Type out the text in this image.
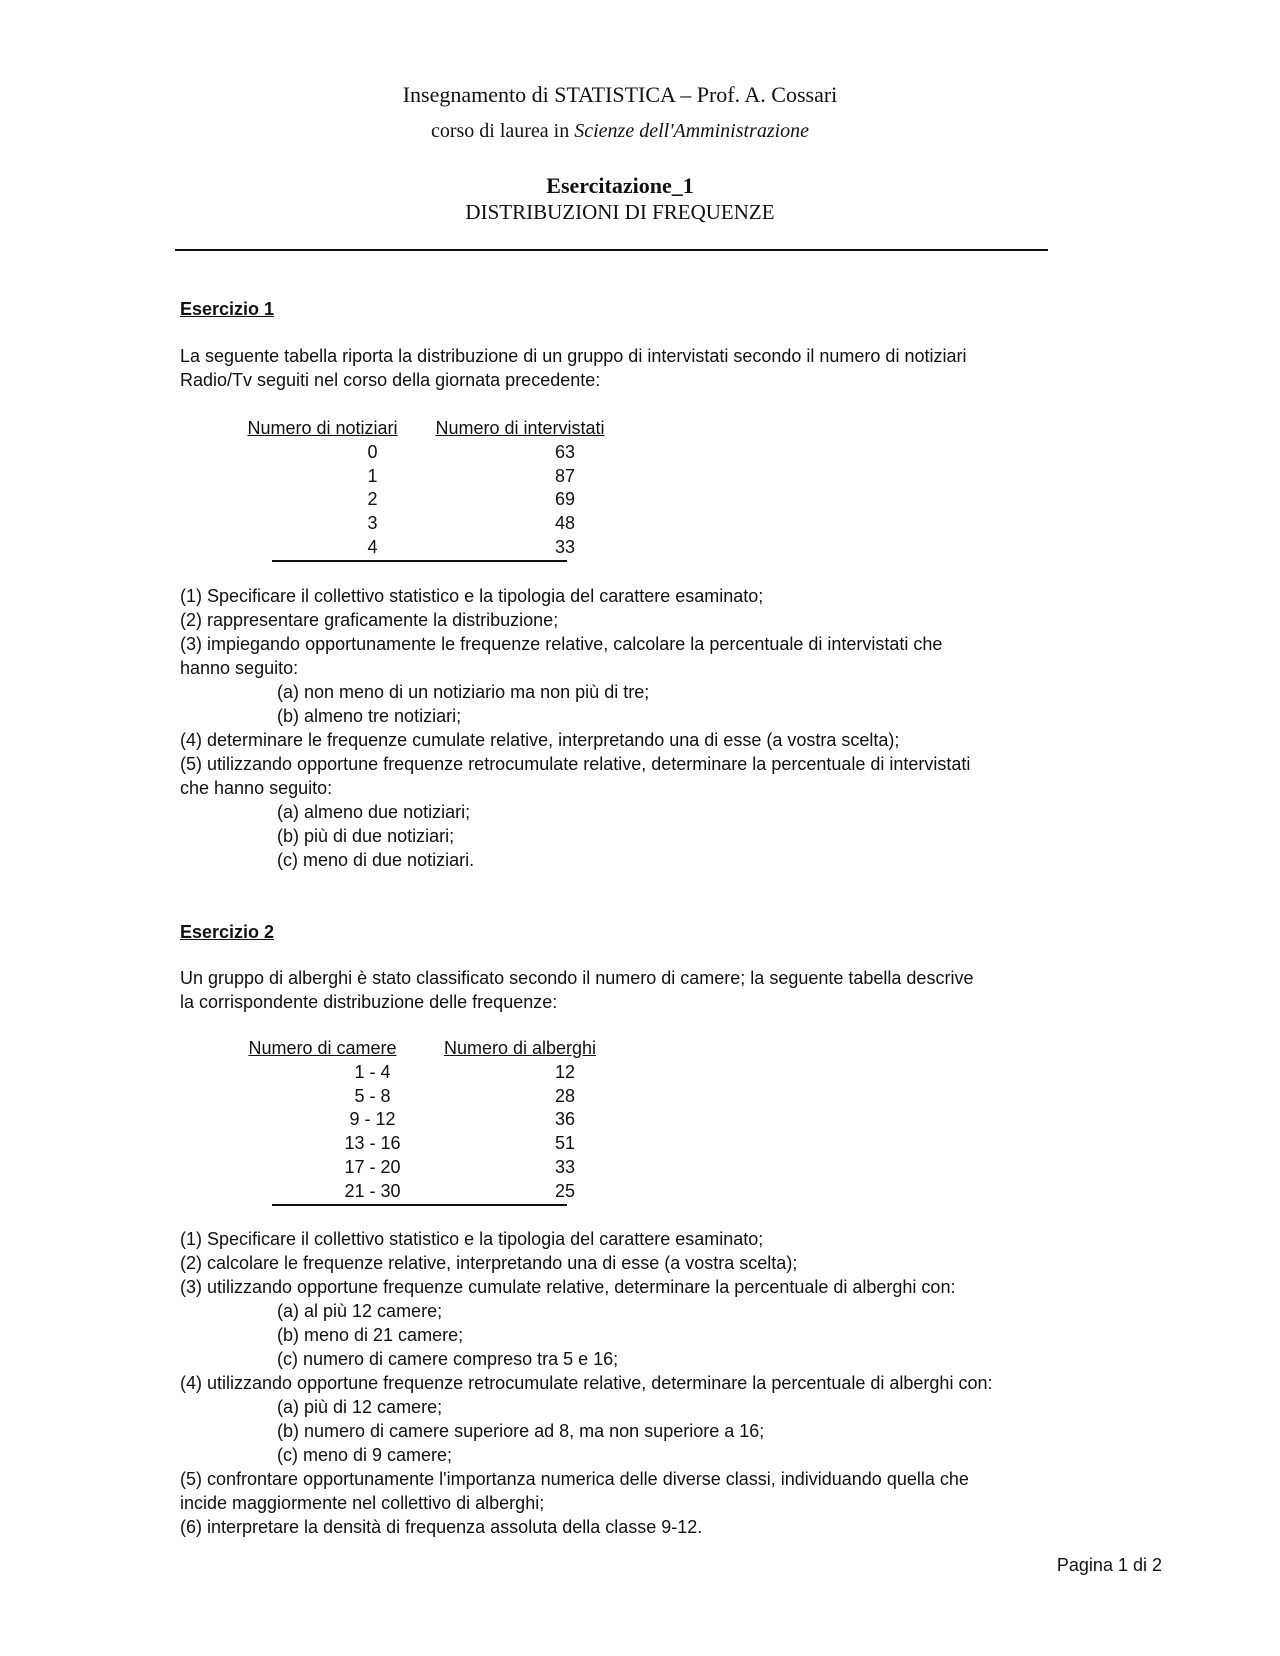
Insegnamento di STATISTICA – Prof. A. Cossari
corso di laurea in Scienze dell'Amministrazione
Esercitazione_1
DISTRIBUZIONI DI FREQUENZE
Esercizio 1
La seguente tabella riporta la distribuzione di un gruppo di intervistati secondo il numero di notiziari
Radio/Tv seguiti nel corso della giornata precedente:
Numero di notiziari	Numero di intervistati
0	63
1	87
2	69
3	48
4	33
(1) Specificare il collettivo statistico e la tipologia del carattere esaminato;
(2) rappresentare graficamente la distribuzione;
(3) impiegando opportunamente le frequenze relative, calcolare la percentuale di intervistati che
hanno seguito:
(a) non meno di un notiziario ma non più di tre;
(b) almeno tre notiziari;
(4) determinare le frequenze cumulate relative, interpretando una di esse (a vostra scelta);
(5) utilizzando opportune frequenze retrocumulate relative, determinare la percentuale di intervistati
che hanno seguito:
(a) almeno due notiziari;
(b) più di due notiziari;
(c) meno di due notiziari.
Esercizio 2
Un gruppo di alberghi è stato classificato secondo il numero di camere; la seguente tabella descrive
la corrispondente distribuzione delle frequenze:
Numero di camere	Numero di alberghi
1 - 4	12
5 - 8	28
9 - 12	36
13 - 16	51
17 - 20	33
21 - 30	25
(1) Specificare il collettivo statistico e la tipologia del carattere esaminato;
(2) calcolare le frequenze relative, interpretando una di esse (a vostra scelta);
(3) utilizzando opportune frequenze cumulate relative, determinare la percentuale di alberghi con:
(a) al più 12 camere;
(b) meno di 21 camere;
(c) numero di camere compreso tra 5 e 16;
(4) utilizzando opportune frequenze retrocumulate relative, determinare la percentuale di alberghi con:
(a) più di 12 camere;
(b) numero di camere superiore ad 8, ma non superiore a 16;
(c) meno di 9 camere;
(5) confrontare opportunamente l'importanza numerica delle diverse classi, individuando quella che
incide maggiormente nel collettivo di alberghi;
(6) interpretare la densità di frequenza assoluta della classe 9-12.
Pagina 1 di 2
